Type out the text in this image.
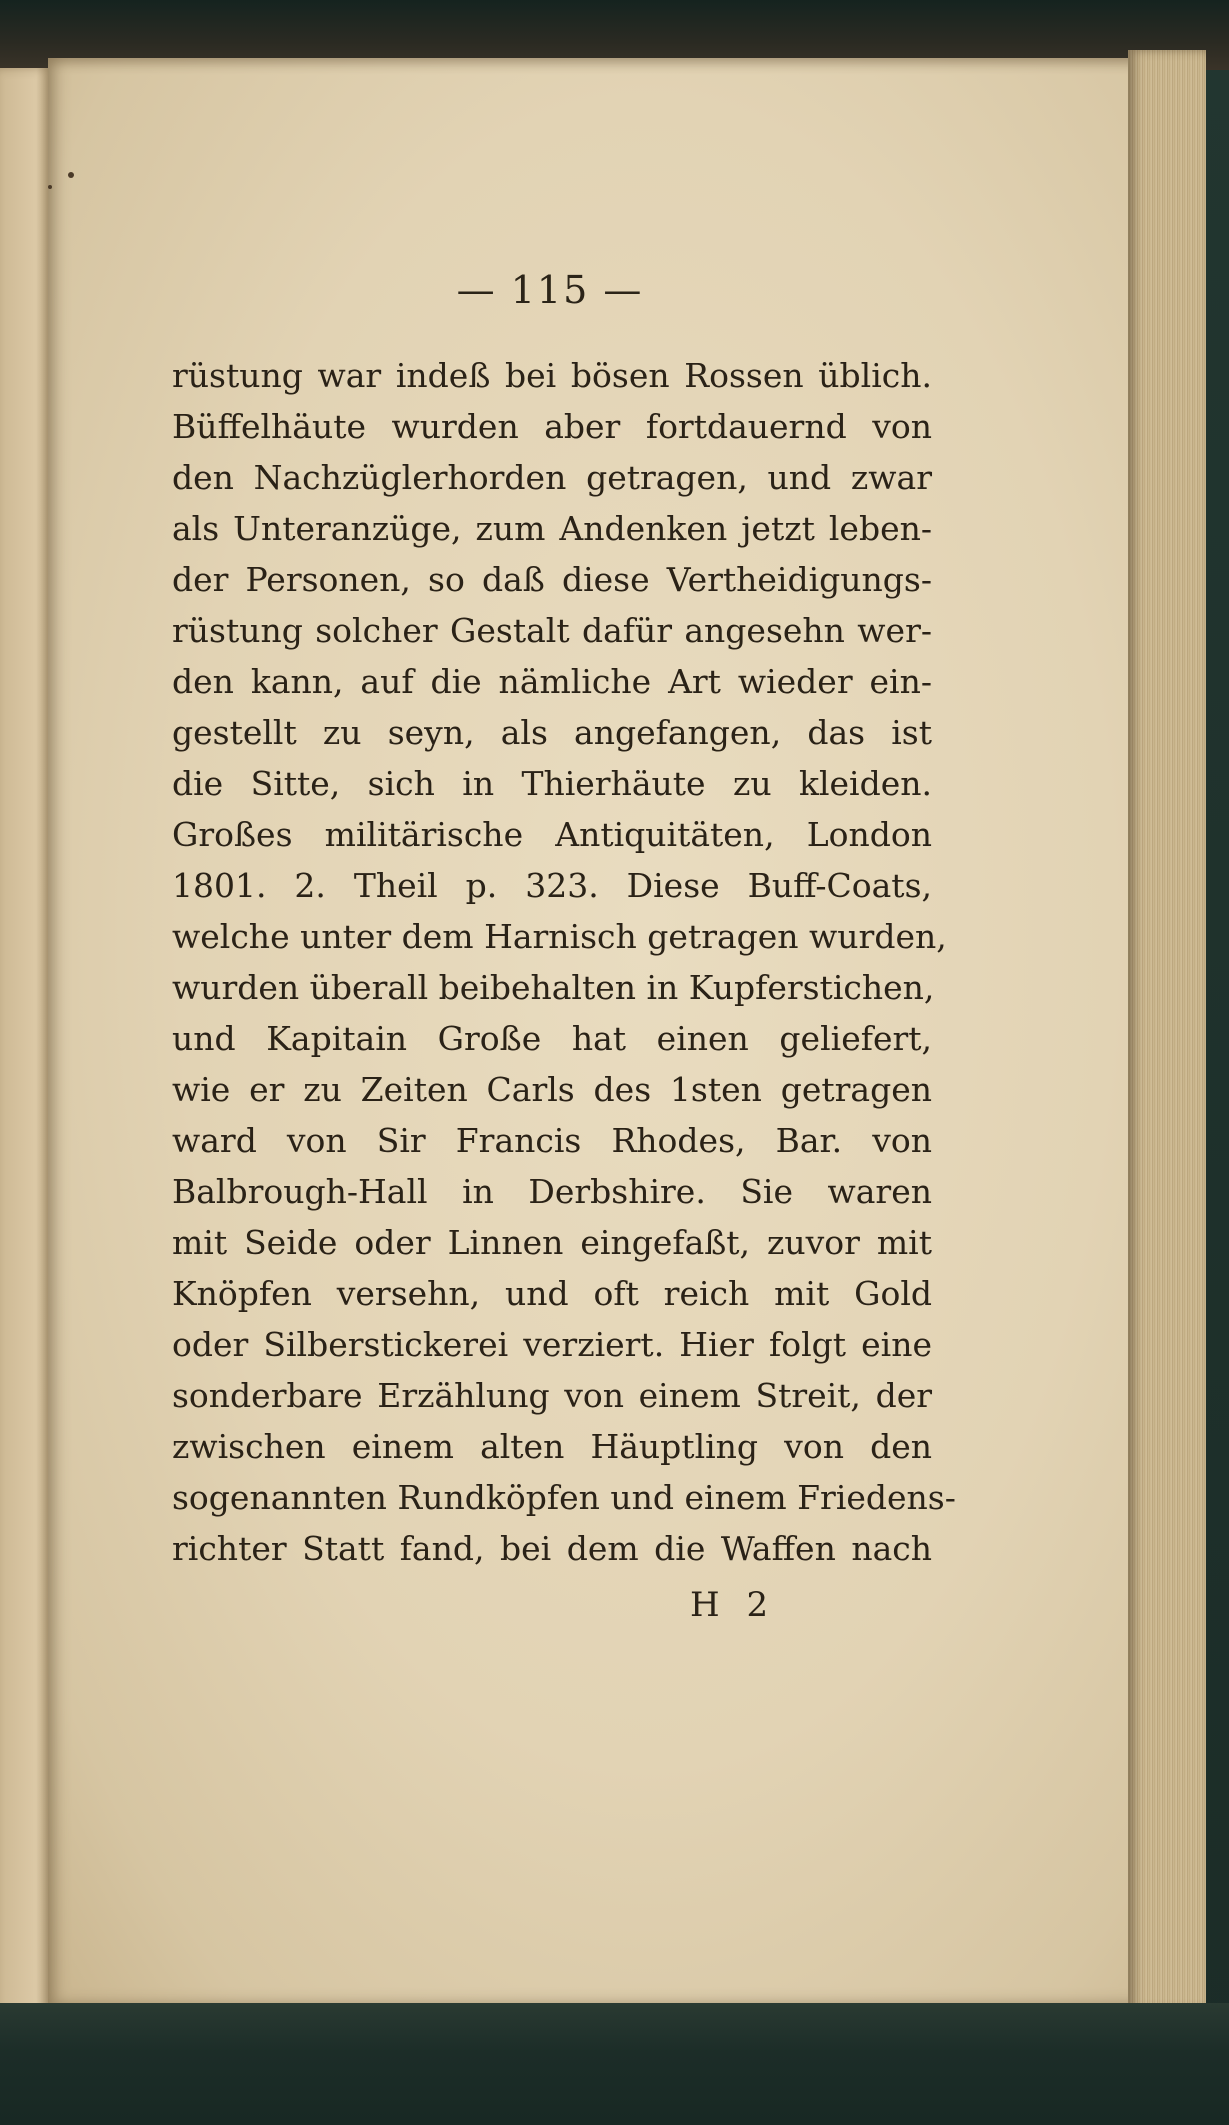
— 115 —
rüstung war indeß bei bösen Rossen üblich.
Büffelhäute wurden aber fortdauernd von
den Nachzüglerhorden getragen, und zwar
als Unteranzüge, zum Andenken jetzt leben-
der Personen, so daß diese Vertheidigungs-
rüstung solcher Gestalt dafür angesehn wer-
den kann, auf die nämliche Art wieder ein-
gestellt zu seyn, als angefangen, das ist
die Sitte, sich in Thierhäute zu kleiden.
Großes militärische Antiquitäten, London
1801. 2. Theil p. 323. Diese Buff-Coats,
welche unter dem Harnisch getragen wurden,
wurden überall beibehalten in Kupferstichen,
und Kapitain Große hat einen geliefert,
wie er zu Zeiten Carls des 1sten getragen
ward von Sir Francis Rhodes, Bar. von
Balbrough-Hall in Derbshire. Sie waren
mit Seide oder Linnen eingefaßt, zuvor mit
Knöpfen versehn, und oft reich mit Gold
oder Silberstickerei verziert. Hier folgt eine
sonderbare Erzählung von einem Streit, der
zwischen einem alten Häuptling von den
sogenannten Rundköpfen und einem Friedens-
richter Statt fand, bei dem die Waffen nach
H 2
